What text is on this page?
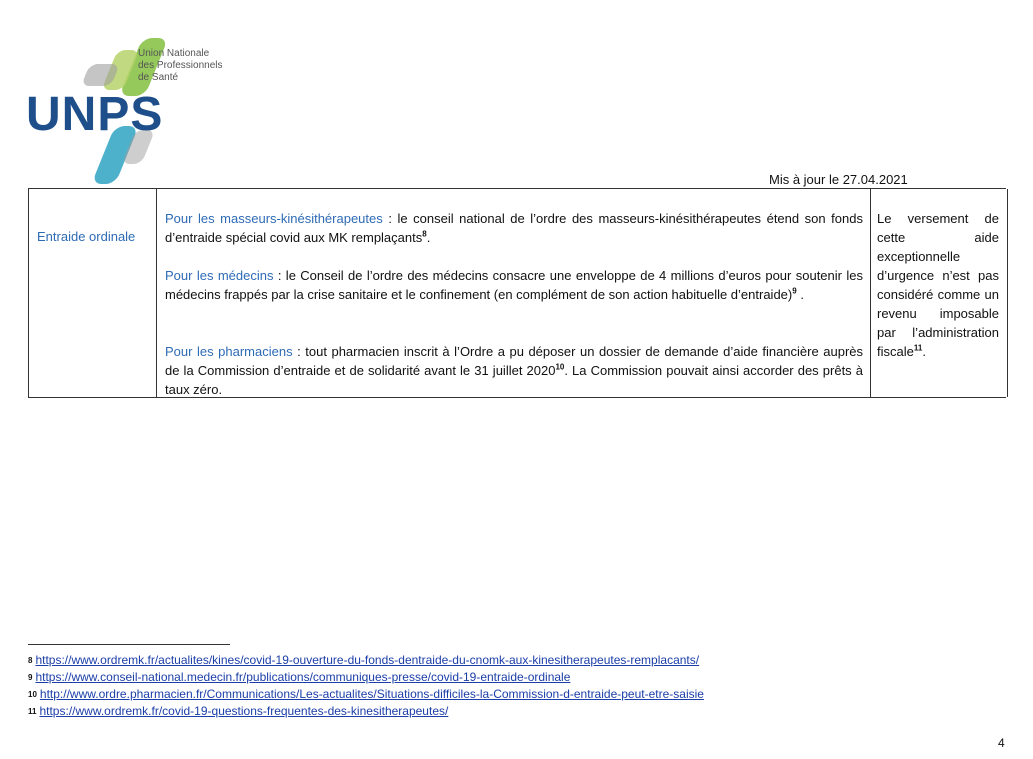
Union Nationale
des Professionnels
de Santé
UNPS
Mis à jour le 27.04.2021
Entraide ordinale
Pour les masseurs-kinésithérapeutes : le conseil national de l’ordre des masseurs-kinésithérapeutes étend son fonds d’entraide spécial covid aux MK remplaçants$^8$.
Pour les médecins : le Conseil de l’ordre des médecins consacre une enveloppe de 4 millions d’euros pour soutenir les médecins frappés par la crise sanitaire et le confinement (en complément de son action habituelle d’entraide)$^9$ .
Pour les pharmaciens : tout pharmacien inscrit à l’Ordre a pu déposer un dossier de demande d’aide financière auprès de la Commission d’entraide et de solidarité avant le 31 juillet 2020$^{10}$. La Commission pouvait ainsi accorder des prêts à taux zéro.
Le versement de cette aide exceptionnelle d’urgence n’est pas considéré comme un revenu imposable par l’administration fiscale$^{11}$.
$^8$ https://www.ordremk.fr/actualites/kines/covid-19-ouverture-du-fonds-dentraide-du-cnomk-aux-kinesitherapeutes-remplacants/
$^9$ https://www.conseil-national.medecin.fr/publications/communiques-presse/covid-19-entraide-ordinale
$^{10}$ http://www.ordre.pharmacien.fr/Communications/Les-actualites/Situations-difficiles-la-Commission-d-entraide-peut-etre-saisie
$^{11}$ https://www.ordremk.fr/covid-19-questions-frequentes-des-kinesitherapeutes/
4
